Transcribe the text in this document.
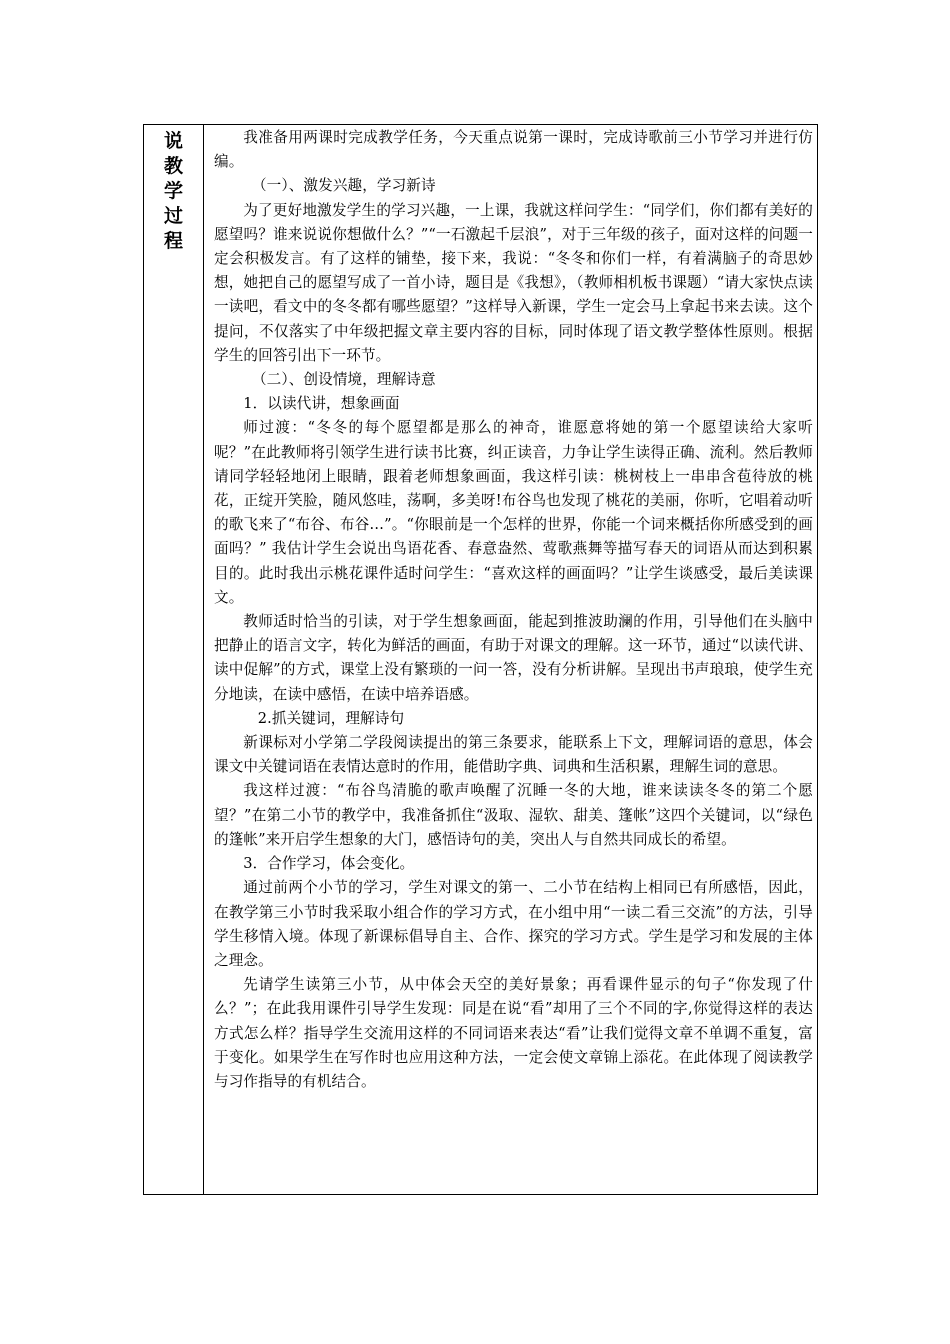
说教学过程

我准备用两课时完成教学任务，今天重点说第一课时，完成诗歌前三小节学习并进行仿编。

（一）、激发兴趣，学习新诗

为了更好地激发学生的学习兴趣，一上课，我就这样问学生：“同学们，你们都有美好的愿望吗？谁来说说你想做什么？”“一石激起千层浪”，对于三年级的孩子，面对这样的问题一定会积极发言。有了这样的铺垫，接下来，我说：“冬冬和你们一样，有着满脑子的奇思妙想，她把自己的愿望写成了一首小诗，题目是《我想》，（教师相机板书课题）“请大家快点读一读吧，看文中的冬冬都有哪些愿望？”这样导入新课，学生一定会马上拿起书来去读。这个提问，不仅落实了中年级把握文章主要内容的目标，同时体现了语文教学整体性原则。根据学生的回答引出下一环节。

（二）、创设情境，理解诗意

1．以读代讲，想象画面

师过渡：“冬冬的每个愿望都是那么的神奇，谁愿意将她的第一个愿望读给大家听呢？”在此教师将引领学生进行读书比赛，纠正读音，力争让学生读得正确、流利。然后教师请同学轻轻地闭上眼睛，跟着老师想象画面，我这样引读：桃树枝上一串串含苞待放的桃花，正绽开笑脸，随风悠哇，荡啊，多美呀!布谷鸟也发现了桃花的美丽，你听，它唱着动听的歌飞来了“布谷、布谷…”。“你眼前是一个怎样的世界，你能一个词来概括你所感受到的画面吗？” 我估计学生会说出鸟语花香、春意盎然、莺歌燕舞等描写春天的词语从而达到积累目的。此时我出示桃花课件适时问学生：“喜欢这样的画面吗？”让学生谈感受，最后美读课文。

教师适时恰当的引读，对于学生想象画面，能起到推波助澜的作用，引导他们在头脑中把静止的语言文字，转化为鲜活的画面，有助于对课文的理解。这一环节，通过“以读代讲、读中促解”的方式，课堂上没有繁琐的一问一答，没有分析讲解。呈现出书声琅琅，使学生充分地读，在读中感悟，在读中培养语感。

2.抓关键词，理解诗句

新课标对小学第二学段阅读提出的第三条要求，能联系上下文，理解词语的意思，体会课文中关键词语在表情达意时的作用，能借助字典、词典和生活积累，理解生词的意思。

我这样过渡：“布谷鸟清脆的歌声唤醒了沉睡一冬的大地，谁来读读冬冬的第二个愿望？”在第二小节的教学中，我准备抓住“汲取、湿软、甜美、篷帐”这四个关键词，以“绿色的篷帐”来开启学生想象的大门，感悟诗句的美，突出人与自然共同成长的希望。

3．合作学习，体会变化。

通过前两个小节的学习，学生对课文的第一、二小节在结构上相同已有所感悟，因此，在教学第三小节时我采取小组合作的学习方式，在小组中用“一读二看三交流”的方法，引导学生移情入境。体现了新课标倡导自主、合作、探究的学习方式。学生是学习和发展的主体之理念。

先请学生读第三小节，从中体会天空的美好景象；再看课件显示的句子“你发现了什么？”；在此我用课件引导学生发现：同是在说“看”却用了三个不同的字,你觉得这样的表达方式怎么样？指导学生交流用这样的不同词语来表达“看”让我们觉得文章不单调不重复，富于变化。如果学生在写作时也应用这种方法，一定会使文章锦上添花。在此体现了阅读教学与习作指导的有机结合。
